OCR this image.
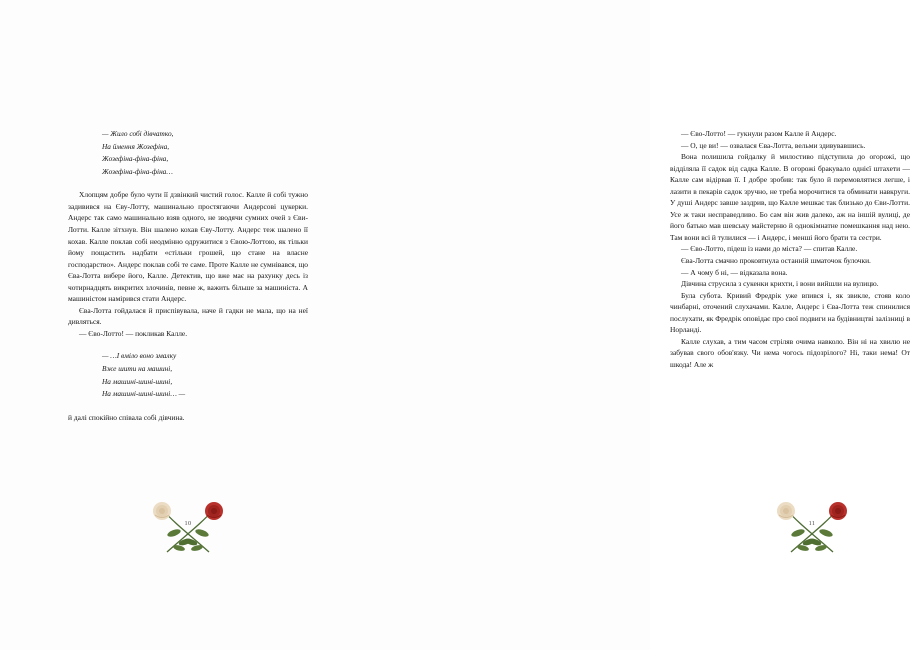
— Жило собі дівчатко,
На ймення Жозефіна,
Жозефіна-фіна-фіна,
Жозефіна-фіна-фіна…

Хлопцям добре було чути її дзвінкий чистий голос. Калле й собі тужно задивився на Єву-Лотту, машинально простягаючи Андерсові цукерки. Андерс так само машинально взяв одного, не зводячи сумних очей з Єви-Лотти. Калле зітхнув. Він шалено кохав Єву-Лотту. Андерс теж шалено її кохав. Калле поклав собі неодмінно одружитися з Євою-Лоттою, як тільки йому пощастить надбати «стільки грошей, що стане на власне господарство». Андерс поклав собі те саме. Проте Калле не сумнівався, що Єва-Лотта вибере його, Калле. Детектив, що вже має на рахунку десь із чотирнадцять викритих злочинів, певне ж, важить більше за машиніста. А машиністом намірився стати Андерс.

Єва-Лотта гойдалася й приспівувала, наче й гадки не мала, що на неї дивляться.

— Єво-Лотто! — покликав Калле.

— …І вміло воно змалку
Вже шити на машині,
На машині-шині-шині,
На машині-шині-шині… —

й далі спокійно співала собі дівчина.

10

— Єво-Лотто! — гукнули разом Калле й Андерс.

— О, це ви! — озвалася Єва-Лотта, вельми здивувавшись.

Вона полишила гойдалку й милостиво підступила до огорожі, що відділяла її садок від садка Калле. В огорожі бракувало однієї штахети — Калле сам відірвав її. І добре зробив: так було й перемовлятися легше, і лазити в пекарів садок зручно, не треба морочитися та обминати навкруги. У душі Андерс завше заздрив, що Калле мешкає так близько до Єви-Лотти. Усе ж таки несправедливо. Бо сам він жив далеко, аж на іншій вулиці, де його батько мав шевську майстерню й однокімнатне помешкання над нею. Там вони всі й тулилися — і Андерс, і менші його брати та сестри.

— Єво-Лотто, підеш із нами до міста? — спитав Калле.

Єва-Лотта смачно проковтнула останній шматочок булочки.

— А чому б ні, — відказала вона.

Дівчина струсила з сукенки крихти, і вони вийшли на вулицю.

Була субота. Кривий Фредрік уже впився і, як звикле, стояв коло чинбарні, оточений слухачами. Калле, Андерс і Єва-Лотта теж спинилися послухати, як Фредрік оповідає про свої подвиги на будівництві залізниці в Норланді.

Калле слухав, а тим часом стріляв очима навколо. Він ні на хвилю не забував свого обов'язку. Чи нема чогось підозрілого? Ні, таки нема! От шкода! Але ж

11
